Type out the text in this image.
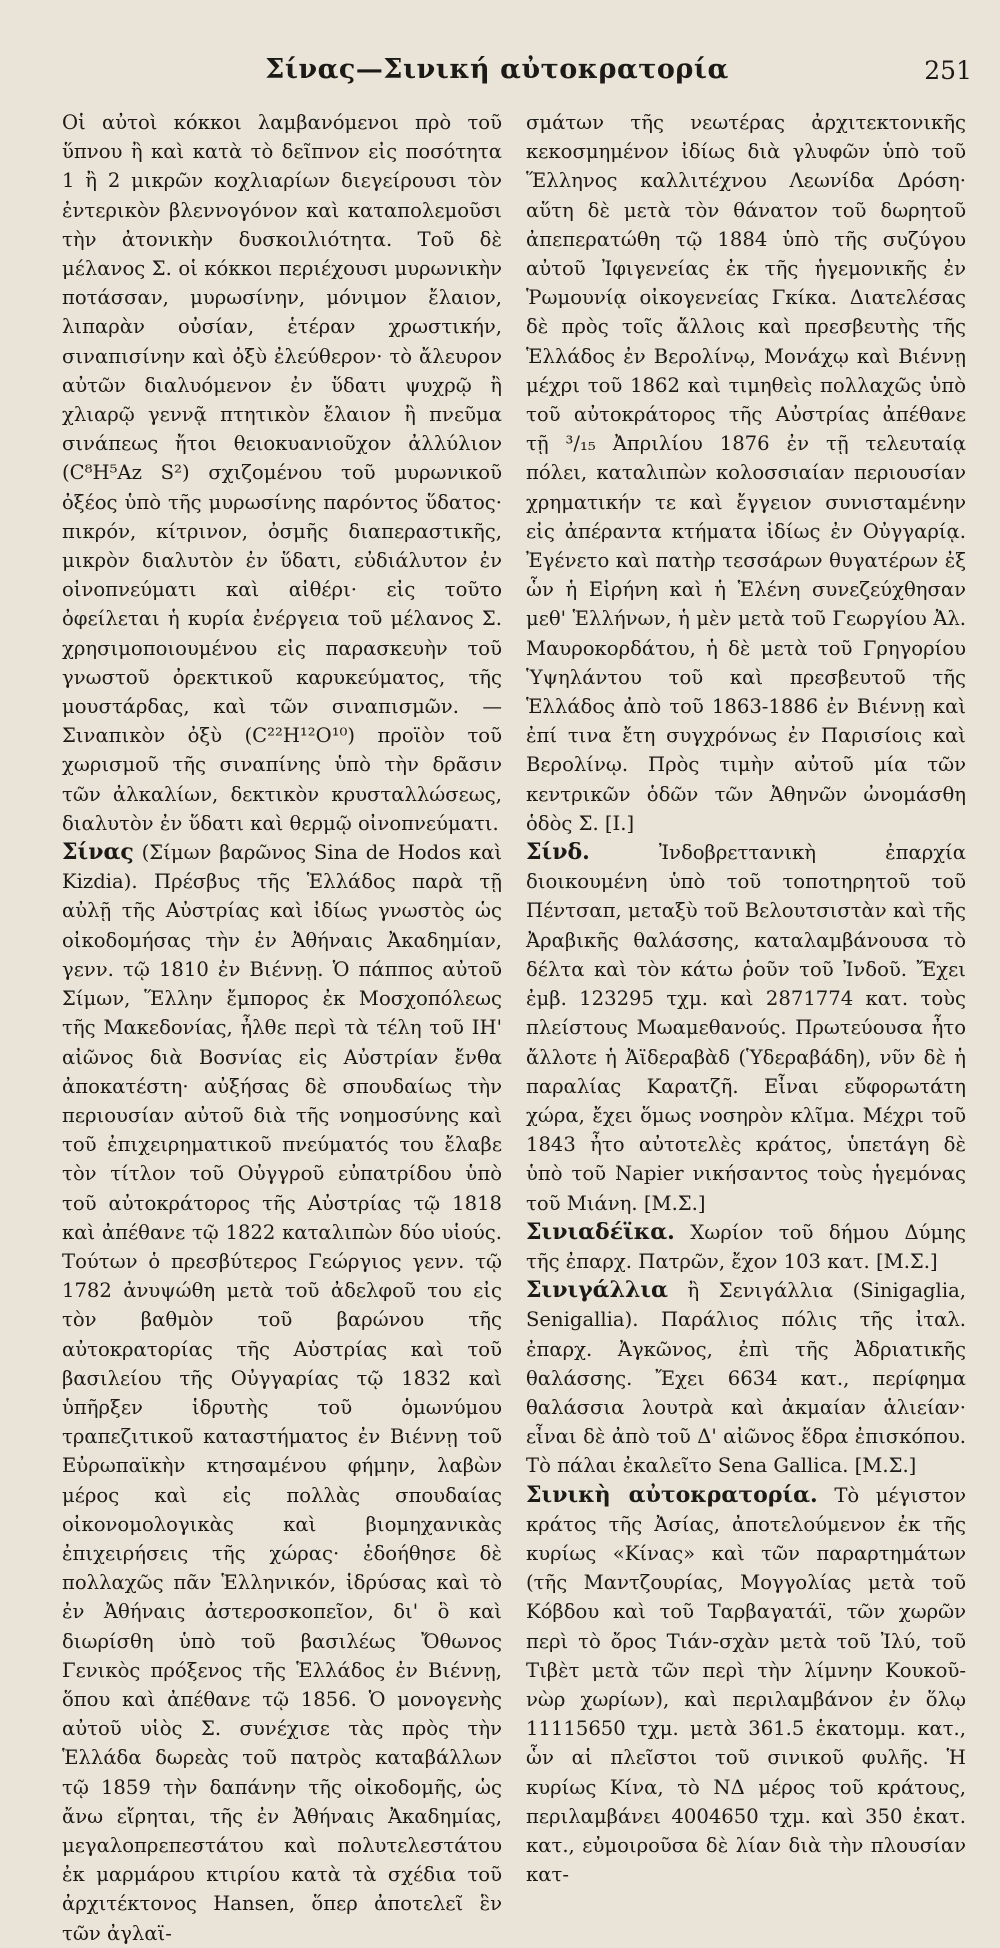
Σίνας—Σινική αὐτοκρατορία	251

Οἱ αὐτοὶ κόκκοι λαμβανόμενοι πρὸ τοῦ ὕπνου ἢ καὶ κατὰ τὸ δεῖπνον εἰς ποσότητα 1 ἢ 2 μικρῶν κοχλιαρίων διεγείρουσι τὸν ἐντερικὸν βλεννογόνον καὶ καταπολεμοῦσι τὴν ἀτονικὴν δυσκοιλιότητα. Τοῦ δὲ μέλανος Σ. οἱ κόκκοι περιέχουσι μυρωνικὴν ποτάσσαν, μυρωσίνην, μόνιμον ἔλαιον, λιπαρὰν οὐσίαν, ἑτέραν χρωστικήν, σιναπισίνην καὶ ὀξὺ ἐλεύθερον· τὸ ἄλευρον αὐτῶν διαλυόμενον ἐν ὕδατι ψυχρῷ ἢ χλιαρῷ γεννᾷ πτητικὸν ἔλαιον ἢ πνεῦμα σινάπεως ἤτοι θειοκυανιοῦχον ἀλλύλιον (C⁸H⁵Az S²) σχιζομένου τοῦ μυρωνικοῦ ὀξέος ὑπὸ τῆς μυρωσίνης παρόντος ὕδατος· πικρόν, κίτρινον, ὀσμῆς διαπεραστικῆς, μικρὸν διαλυτὸν ἐν ὕδατι, εὐδιάλυτον ἐν οἰνοπνεύματι καὶ αἰθέρι· εἰς τοῦτο ὀφείλεται ἡ κυρία ἐνέργεια τοῦ μέλανος Σ. χρησιμοποιουμένου εἰς παρασκευὴν τοῦ γνωστοῦ ὀρεκτικοῦ καρυκεύματος, τῆς μουστάρδας, καὶ τῶν σιναπισμῶν. —Σιναπικὸν ὀξὺ (C²²H¹²O¹⁰) προϊὸν τοῦ χωρισμοῦ τῆς σιναπίνης ὑπὸ τὴν δρᾶσιν τῶν ἀλκαλίων, δεκτικὸν κρυσταλλώσεως, διαλυτὸν ἐν ὕδατι καὶ θερμῷ οἰνοπνεύματι.

Σίνας (Σίμων βαρῶνος Sina de Hodos καὶ Kizdia). Πρέσβυς τῆς Ἑλλάδος παρὰ τῇ αὐλῇ τῆς Αὐστρίας καὶ ἰδίως γνωστὸς ὡς οἰκοδομήσας τὴν ἐν Ἀθήναις Ἀκαδημίαν, γενν. τῷ 1810 ἐν Βιέννῃ. Ὁ πάππος αὐτοῦ Σίμων, Ἕλλην ἔμπορος ἐκ Μοσχοπόλεως τῆς Μακεδονίας, ἦλθε περὶ τὰ τέλη τοῦ ΙΗ' αἰῶνος διὰ Βοσνίας εἰς Αὐστρίαν ἔνθα ἀποκατέστη· αὐξήσας δὲ σπουδαίως τὴν περιουσίαν αὐτοῦ διὰ τῆς νοημοσύνης καὶ τοῦ ἐπιχειρηματικοῦ πνεύματός του ἔλαβε τὸν τίτλον τοῦ Οὐγγροῦ εὐπατρίδου ὑπὸ τοῦ αὐτοκράτορος τῆς Αὐστρίας τῷ 1818 καὶ ἀπέθανε τῷ 1822 καταλιπὼν δύο υἱούς. Τούτων ὁ πρεσβύτερος Γεώργιος γενν. τῷ 1782 ἀνυψώθη μετὰ τοῦ ἀδελφοῦ του εἰς τὸν βαθμὸν τοῦ βαρώνου τῆς αὐτοκρατορίας τῆς Αὐστρίας καὶ τοῦ βασιλείου τῆς Οὐγγαρίας τῷ 1832 καὶ ὑπῆρξεν ἱδρυτὴς τοῦ ὁμωνύμου τραπεζιτικοῦ καταστήματος ἐν Βιέννῃ τοῦ Εὐρωπαϊκὴν κτησαμένου φήμην, λαβὼν μέρος καὶ εἰς πολλὰς σπουδαίας οἰκονομολογικὰς καὶ βιομηχανικὰς ἐπιχειρήσεις τῆς χώρας· ἐδοήθησε δὲ πολλαχῶς πᾶν Ἑλληνικόν, ἱδρύσας καὶ τὸ ἐν Ἀθήναις ἀστεροσκοπεῖον, δι' ὃ καὶ διωρίσθη ὑπὸ τοῦ βασιλέως Ὄθωνος Γενικὸς πρόξενος τῆς Ἑλλάδος ἐν Βιέννῃ, ὅπου καὶ ἀπέθανε τῷ 1856. Ὁ μονογενὴς αὐτοῦ υἱὸς Σ. συνέχισε τὰς πρὸς τὴν Ἑλλάδα δωρεὰς τοῦ πατρὸς καταβάλλων τῷ 1859 τὴν δαπάνην τῆς οἰκοδομῆς, ὡς ἄνω εἴρηται, τῆς ἐν Ἀθήναις Ἀκαδημίας, μεγαλοπρεπεστάτου καὶ πολυτελεστάτου ἐκ μαρμάρου κτιρίου κατὰ τὰ σχέδια τοῦ ἀρχιτέκτονος Hansen, ὅπερ ἀποτελεῖ ἓν τῶν ἀγλαϊ-

σμάτων τῆς νεωτέρας ἀρχιτεκτονικῆς κεκοσμημένον ἰδίως διὰ γλυφῶν ὑπὸ τοῦ Ἕλληνος καλλιτέχνου Λεωνίδα Δρόση· αὕτη δὲ μετὰ τὸν θάνατον τοῦ δωρητοῦ ἀπεπερατώθη τῷ 1884 ὑπὸ τῆς συζύγου αὐτοῦ Ἰφιγενείας ἐκ τῆς ἡγεμονικῆς ἐν Ῥωμουνίᾳ οἰκογενείας Γκίκα. Διατελέσας δὲ πρὸς τοῖς ἄλλοις καὶ πρεσβευτὴς τῆς Ἑλλάδος ἐν Βερολίνῳ, Μονάχῳ καὶ Βιέννῃ μέχρι τοῦ 1862 καὶ τιμηθεὶς πολλαχῶς ὑπὸ τοῦ αὐτοκράτορος τῆς Αὐστρίας ἀπέθανε τῇ ³/₁₅ Ἀπριλίου 1876 ἐν τῇ τελευταίᾳ πόλει, καταλιπὼν κολοσσιαίαν περιουσίαν χρηματικήν τε καὶ ἔγγειον συνισταμένην εἰς ἀπέραντα κτήματα ἰδίως ἐν Οὐγγαρίᾳ. Ἐγένετο καὶ πατὴρ τεσσάρων θυγατέρων ἐξ ὧν ἡ Εἰρήνη καὶ ἡ Ἑλένη συνεζεύχθησαν μεθ' Ἑλλήνων, ἡ μὲν μετὰ τοῦ Γεωργίου Ἀλ. Μαυροκορδάτου, ἡ δὲ μετὰ τοῦ Γρηγορίου Ὑψηλάντου τοῦ καὶ πρεσβευτοῦ τῆς Ἑλλάδος ἀπὸ τοῦ 1863-1886 ἐν Βιέννῃ καὶ ἐπί τινα ἔτη συγχρόνως ἐν Παρισίοις καὶ Βερολίνῳ. Πρὸς τιμὴν αὐτοῦ μία τῶν κεντρικῶν ὁδῶν τῶν Ἀθηνῶν ὠνομάσθη ὁδὸς Σ. [Ι.]

Σίνδ.	Ἰνδοβρεττανικὴ ἐπαρχία διοικουμένη ὑπὸ τοῦ τοποτηρητοῦ τοῦ Πέντσαπ, μεταξὺ τοῦ Βελουτσιστὰν καὶ τῆς Ἀραβικῆς θαλάσσης, καταλαμβάνουσα τὸ δέλτα καὶ τὸν κάτω ῥοῦν τοῦ Ἰνδοῦ. Ἔχει ἐμβ. 123295 τχμ. καὶ 2871774 κατ. τοὺς πλείστους Μωαμεθανούς. Πρωτεύουσα ἦτο ἄλλοτε ἡ Ἀϊδεραβὰδ (Ὑδεραβάδη), νῦν δὲ ἡ παραλίας Καρατζῆ. Εἶναι εὔφορωτάτη χώρα, ἔχει ὅμως νοσηρὸν κλῖμα. Μέχρι τοῦ 1843 ἦτο αὐτοτελὲς κράτος, ὑπετάγη δὲ ὑπὸ τοῦ Napier νικήσαντος τοὺς ἡγεμόνας τοῦ Μιάνη. [Μ.Σ.]

Σινιαδέϊκα. Χωρίον τοῦ δήμου Δύμης τῆς ἐπαρχ. Πατρῶν, ἔχον 103 κατ. [Μ.Σ.]

Σινιγάλλια ἢ Σενιγάλλια (Sinigaglia, Senigallia). Παράλιος πόλις τῆς ἰταλ. ἐπαρχ. Ἀγκῶνος, ἐπὶ τῆς Ἀδριατικῆς θαλάσσης. Ἔχει 6634 κατ., περίφημα θαλάσσια λουτρὰ καὶ ἀκμαίαν ἁλιείαν· εἶναι δὲ ἀπὸ τοῦ Δ' αἰῶνος ἕδρα ἐπισκόπου. Τὸ πάλαι ἐκαλεῖτο Sena Gallica. [Μ.Σ.]

Σινικὴ αὐτοκρατορία. Τὸ μέγιστον κράτος τῆς Ἀσίας, ἀποτελούμενον ἐκ τῆς κυρίως «Κίνας» καὶ τῶν παραρτημάτων (τῆς Μαντζουρίας, Μογγολίας μετὰ τοῦ Κόβδου καὶ τοῦ Ταρβαγατάϊ, τῶν χωρῶν περὶ τὸ ὄρος Τιάν-σχὰν μετὰ τοῦ Ἰλύ, τοῦ Τιβὲτ μετὰ τῶν περὶ τὴν λίμνην Κουκοῦ-νὼρ χωρίων), καὶ περιλαμβάνον ἐν ὅλῳ 11115650 τχμ. μετὰ 361.5 ἑκατομμ. κατ., ὧν αἱ πλεῖστοι τοῦ σινικοῦ φυλῆς. Ἡ κυρίως Κίνα, τὸ ΝΔ μέρος τοῦ κράτους, περιλαμβάνει 4004650 τχμ. καὶ 350 ἑκατ. κατ., εὐμοιροῦσα δὲ λίαν διὰ τὴν πλουσίαν κατ-
